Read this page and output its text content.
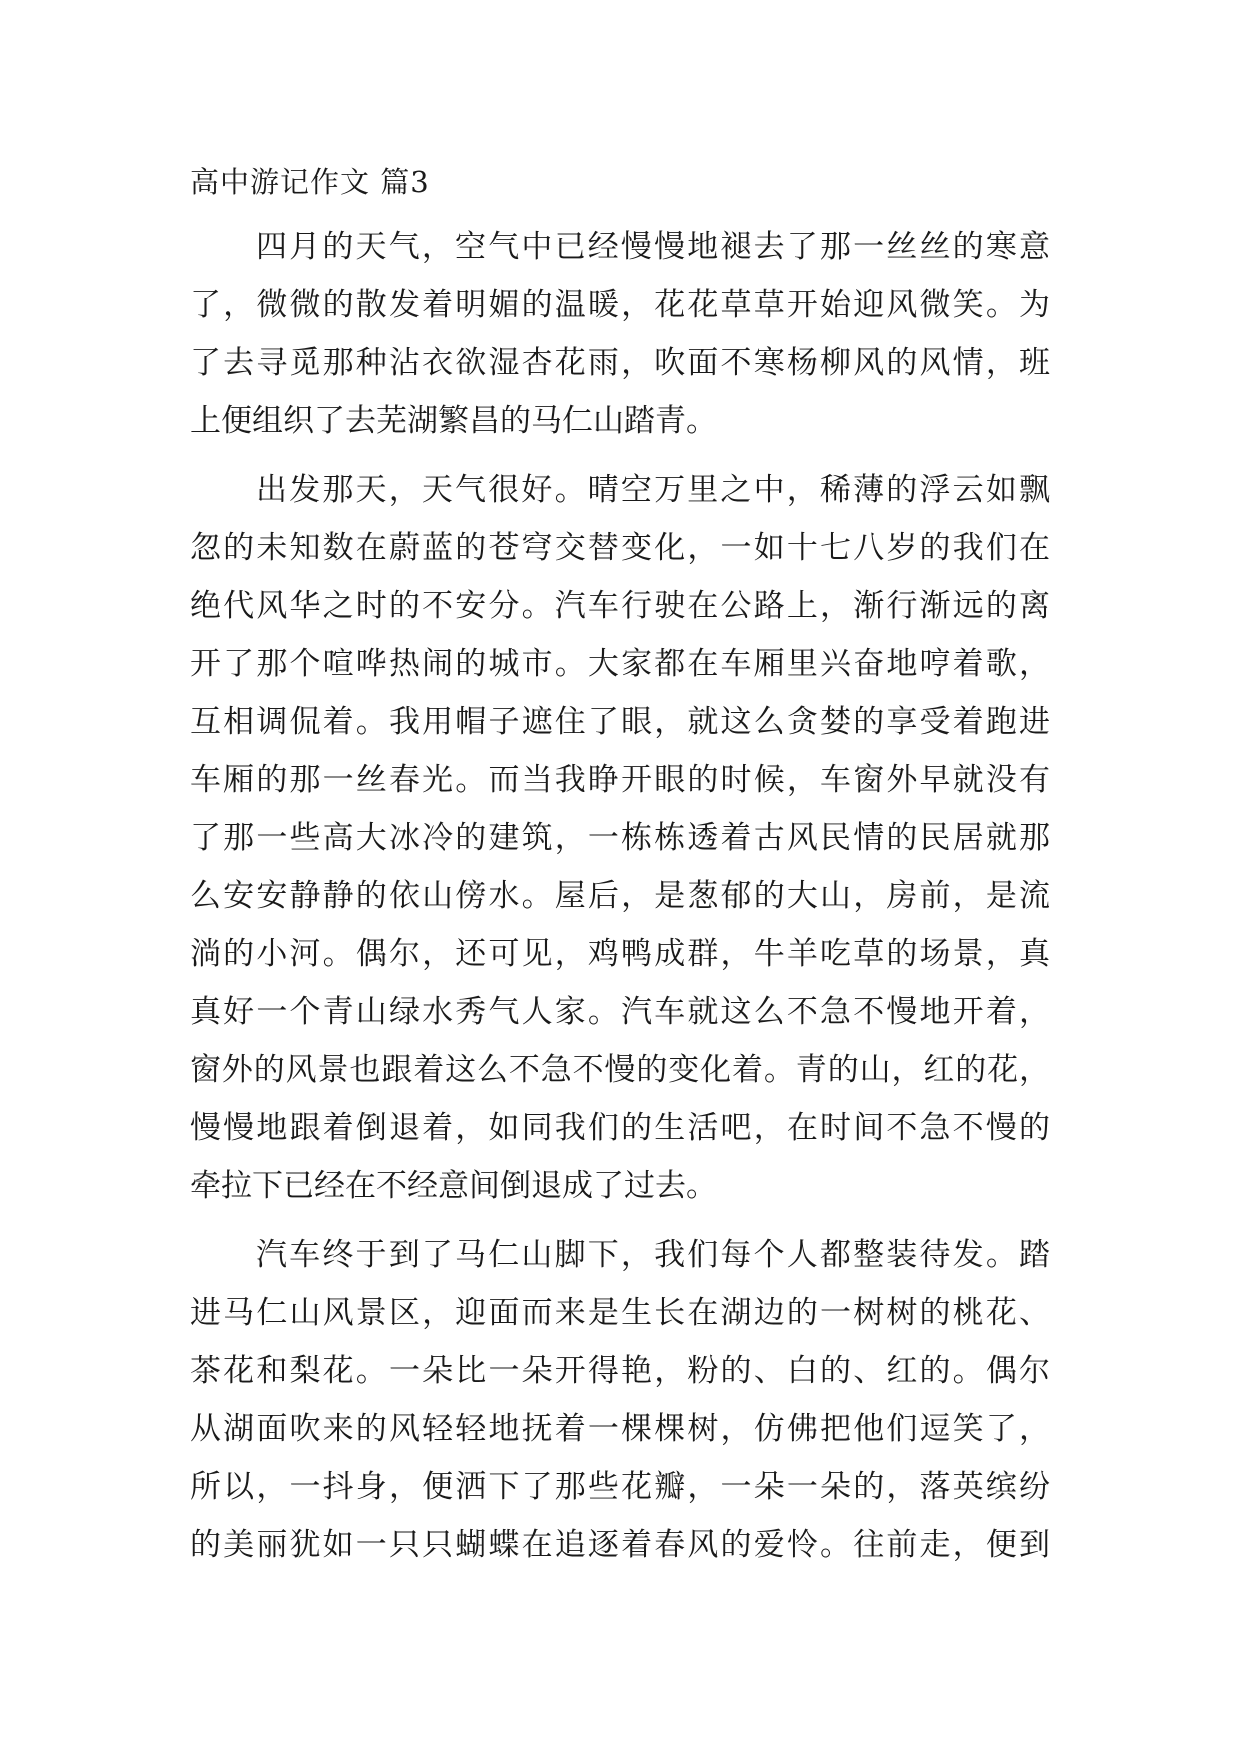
高中游记作文 篇3
四月的天气，空气中已经慢慢地褪去了那一丝丝的寒意
了，微微的散发着明媚的温暖，花花草草开始迎风微笑。为
了去寻觅那种沾衣欲湿杏花雨，吹面不寒杨柳风的风情，班
上便组织了去芜湖繁昌的马仁山踏青。
出发那天，天气很好。晴空万里之中，稀薄的浮云如飘
忽的未知数在蔚蓝的苍穹交替变化，一如十七八岁的我们在
绝代风华之时的不安分。汽车行驶在公路上，渐行渐远的离
开了那个喧哗热闹的城市。大家都在车厢里兴奋地哼着歌，
互相调侃着。我用帽子遮住了眼，就这么贪婪的享受着跑进
车厢的那一丝春光。而当我睁开眼的时候，车窗外早就没有
了那一些高大冰冷的建筑，一栋栋透着古风民情的民居就那
么安安静静的依山傍水。屋后，是葱郁的大山，房前，是流
淌的小河。偶尔，还可见，鸡鸭成群，牛羊吃草的场景，真
真好一个青山绿水秀气人家。汽车就这么不急不慢地开着，
窗外的风景也跟着这么不急不慢的变化着。青的山，红的花，
慢慢地跟着倒退着，如同我们的生活吧，在时间不急不慢的
牵拉下已经在不经意间倒退成了过去。
汽车终于到了马仁山脚下，我们每个人都整装待发。踏
进马仁山风景区，迎面而来是生长在湖边的一树树的桃花、
茶花和梨花。一朵比一朵开得艳，粉的、白的、红的。偶尔
从湖面吹来的风轻轻地抚着一棵棵树，仿佛把他们逗笑了，
所以，一抖身，便洒下了那些花瓣，一朵一朵的，落英缤纷
的美丽犹如一只只蝴蝶在追逐着春风的爱怜。往前走，便到
